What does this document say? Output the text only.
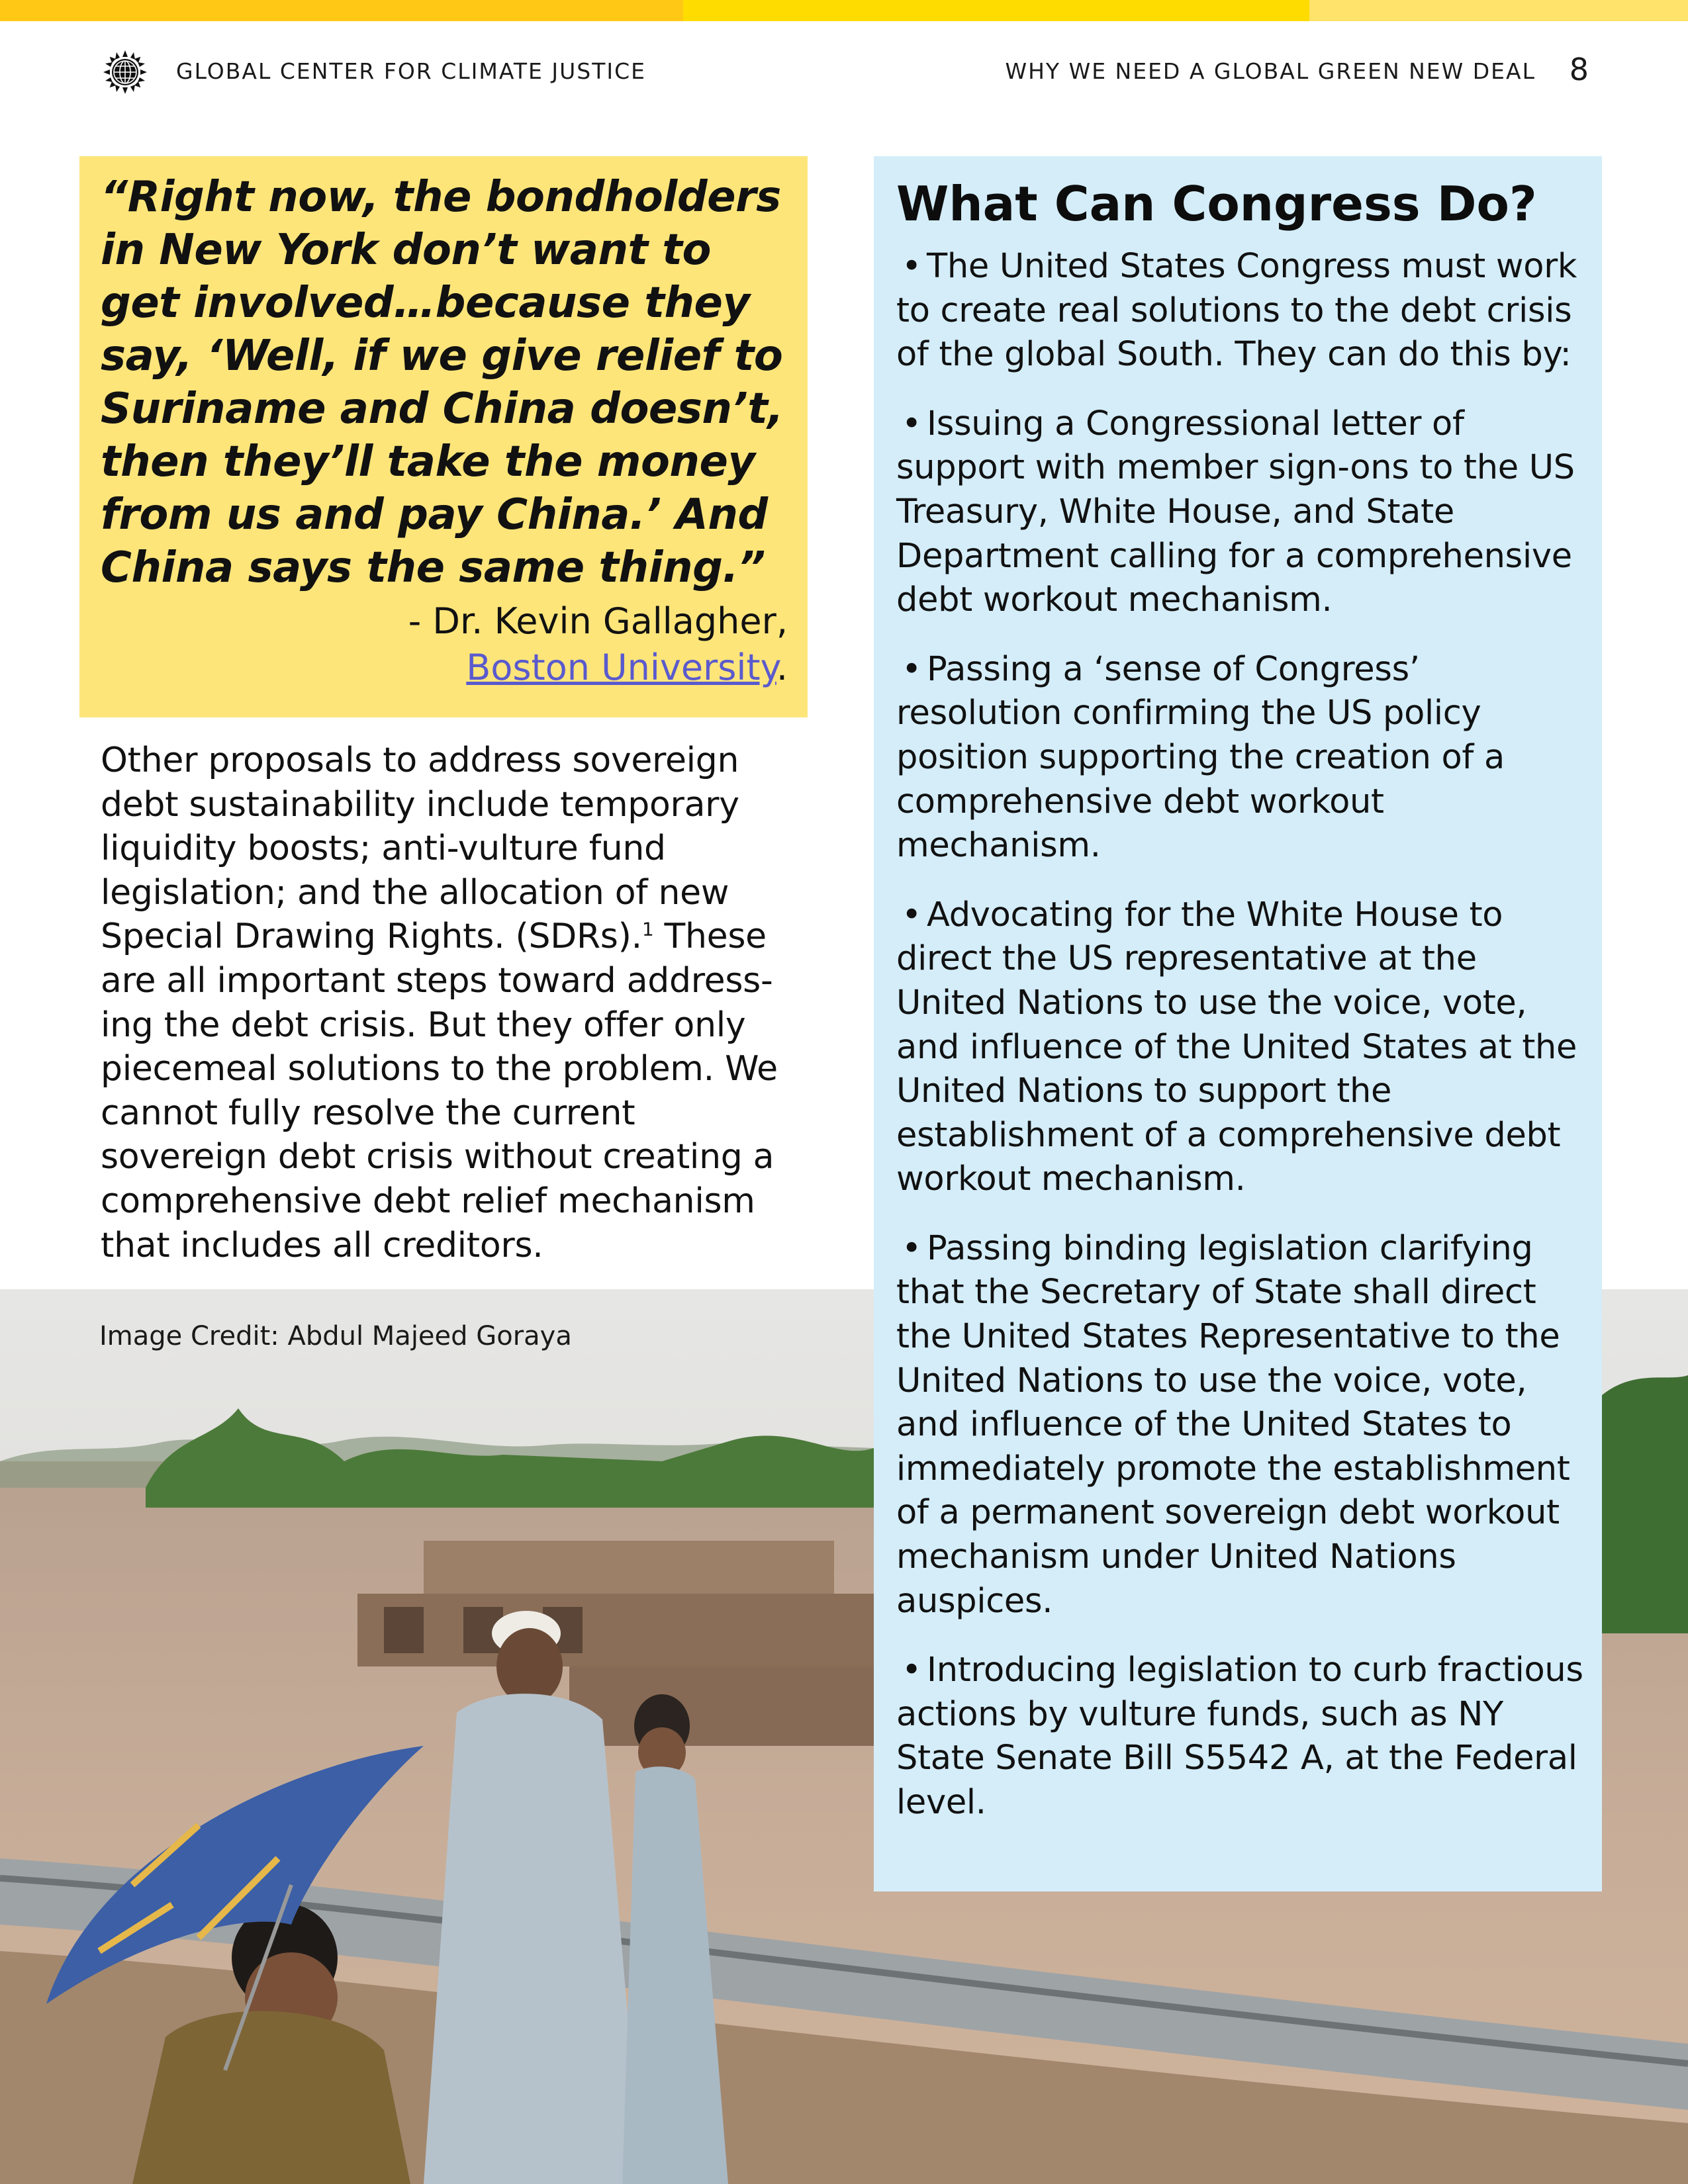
GLOBAL CENTER FOR CLIMATE JUSTICE	WHY WE NEED A GLOBAL GREEN NEW DEAL 8
Image Credit: Abdul Majeed Goraya

“Right now, the bondholders in New York don’t want to get involved…because they say, ‘Well, if we give relief to Suriname and China doesn’t, then they’ll take the money from us and pay China.’ And China says the same thing.”

- Dr. Kevin Gallagher,
Boston University.

Other proposals to address sovereign debt sustainability include temporary liquidity boosts; anti-vulture fund legislation; and the allocation of new Special Drawing Rights. (SDRs).$^1$ These are all important steps toward address-ing the debt crisis. But they offer only piecemeal solutions to the problem. We cannot fully resolve the current sovereign debt crisis without creating a comprehensive debt relief mechanism that includes all creditors.

What Can Congress Do?
• The United States Congress must work to create real solutions to the debt crisis of the global South. They can do this by:
• Issuing a Congressional letter of support with member sign-ons to the US Treasury, White House, and State Department calling for a comprehensive debt workout mechanism.
• Passing a ‘sense of Congress’ resolution confirming the US policy position supporting the creation of a comprehensive debt workout mechanism.
• Advocating for the White House to direct the US representative at the United Nations to use the voice, vote, and influence of the United States at the United Nations to support the establishment of a comprehensive debt workout mechanism.
• Passing binding legislation clarifying that the Secretary of State shall direct the United States Representative to the United Nations to use the voice, vote, and influence of the United States to immediately promote the establishment of a permanent sovereign debt workout mechanism under United Nations auspices.
• Introducing legislation to curb fractious actions by vulture funds, such as NY State Senate Bill S5542 A, at the Federal level.
